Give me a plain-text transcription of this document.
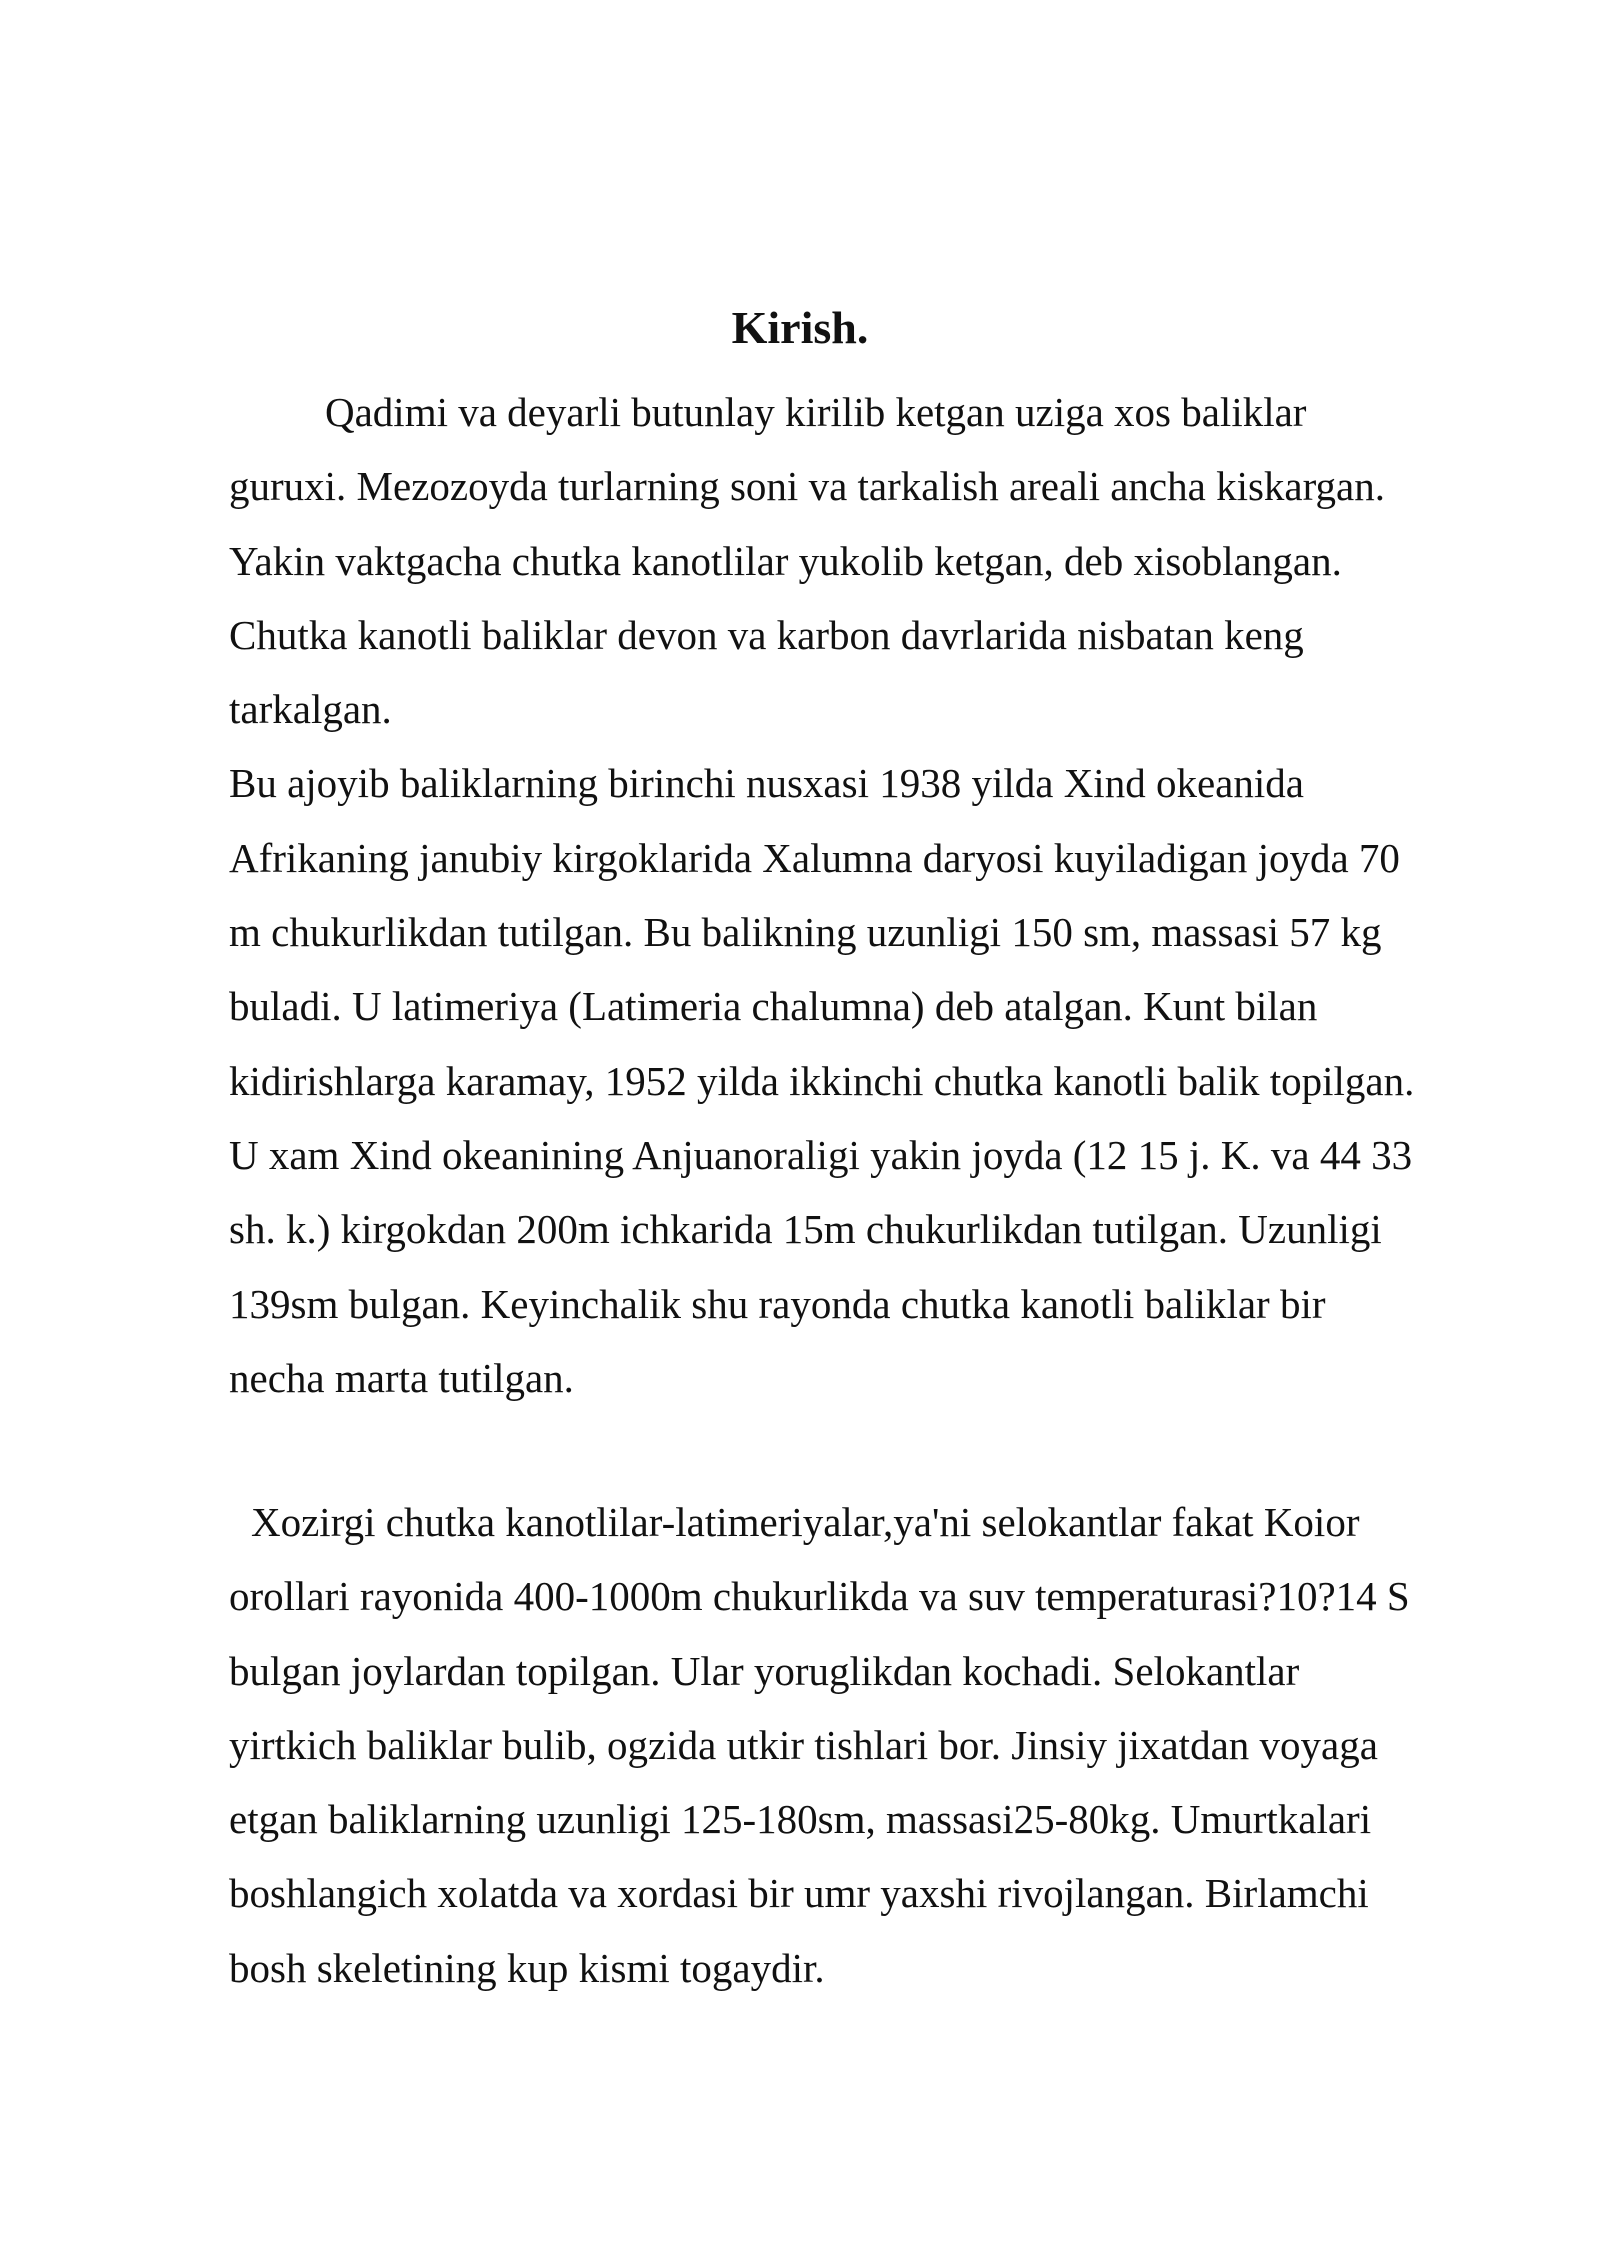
Kirish.
Qadimi va deyarli butunlay kirilib ketgan uziga xos baliklar
guruxi. Mezozoyda turlarning soni va tarkalish areali ancha kiskargan.
Yakin vaktgacha chutka kanotlilar yukolib ketgan, deb xisoblangan.
Chutka kanotli baliklar devon va karbon davrlarida nisbatan keng
tarkalgan.
Bu ajoyib baliklarning birinchi nusxasi 1938 yilda Xind okeanida
Afrikaning janubiy kirgoklarida Xalumna daryosi kuyiladigan joyda 70
m chukurlikdan tutilgan. Bu balikning uzunligi 150 sm, massasi 57 kg
buladi. U latimeriya (Latimeria chalumna) deb atalgan. Kunt bilan
kidirishlarga karamay, 1952 yilda ikkinchi chutka kanotli balik topilgan.
U xam Xind okeanining Anjuanoraligi yakin joyda (12 15 j. K. va 44 33
sh. k.) kirgokdan 200m ichkarida 15m chukurlikdan tutilgan. Uzunligi
139sm bulgan. Keyinchalik shu rayonda chutka kanotli baliklar bir
necha marta tutilgan.
Xozirgi chutka kanotlilar-latimeriyalar,ya'ni selokantlar fakat Koior
orollari rayonida 400-1000m chukurlikda va suv temperaturasi?10?14 S
bulgan joylardan topilgan. Ular yoruglikdan kochadi. Selokantlar
yirtkich baliklar bulib, ogzida utkir tishlari bor. Jinsiy jixatdan voyaga
etgan baliklarning uzunligi 125-180sm, massasi25-80kg. Umurtkalari
boshlangich xolatda va xordasi bir umr yaxshi rivojlangan. Birlamchi
bosh skeletining kup kismi togaydir.
